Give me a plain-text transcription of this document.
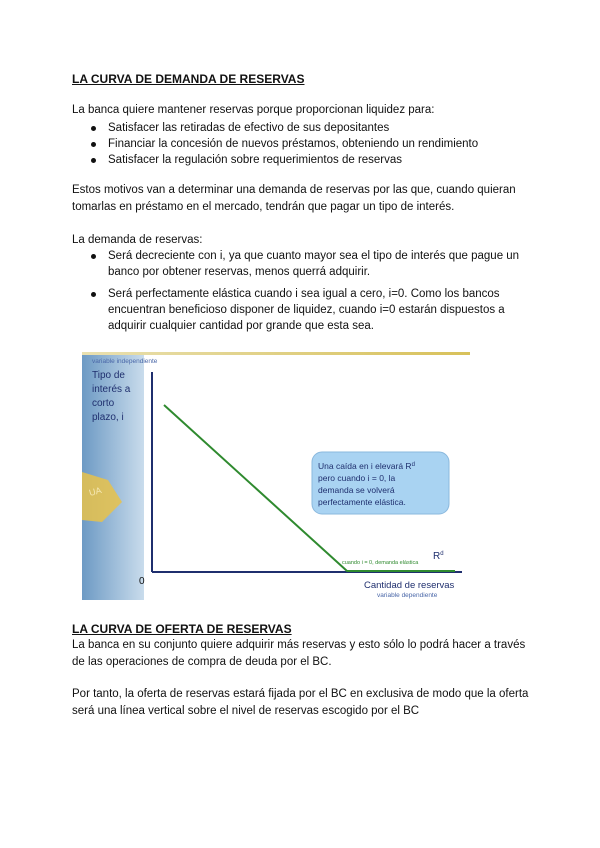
LA CURVA DE DEMANDA DE RESERVAS

La banca quiere mantener reservas porque proporcionan liquidez para:

Satisfacer las retiradas de efectivo de sus depositantes
Financiar la concesión de nuevos préstamos, obteniendo un rendimiento
Satisfacer la regulación sobre requerimientos de reservas

Estos motivos van a determinar una demanda de reservas por las que, cuando quieran tomarlas en préstamo en el mercado, tendrán que pagar un tipo de interés.

La demanda de reservas:

Será decreciente con i, ya que cuanto mayor sea el tipo de interés que pague un banco por obtener reservas, menos querrá adquirir.
Será perfectamente elástica cuando i sea igual a cero, i=0. Como los bancos encuentran beneficioso disponer de liquidez, cuando i=0 estarán dispuestos a adquirir cualquier cantidad por grande que esta sea.
UA
variable independiente
Tipo de
interés a
corto
plazo, i
0
cuando i = 0, demanda elástica
$R^d$
Una caída en i elevará $R^d$
pero cuando i = 0, la
demanda se volverá
perfectamente elástica.
Cantidad de reservas
variable dependiente
LA CURVA DE OFERTA DE RESERVAS

La banca en su conjunto quiere adquirir más reservas y esto sólo lo podrá hacer a través de las operaciones de compra de deuda por el BC.

Por tanto, la oferta de reservas estará fijada por el BC en exclusiva de modo que la oferta será una línea vertical sobre el nivel de reservas escogido por el BC
